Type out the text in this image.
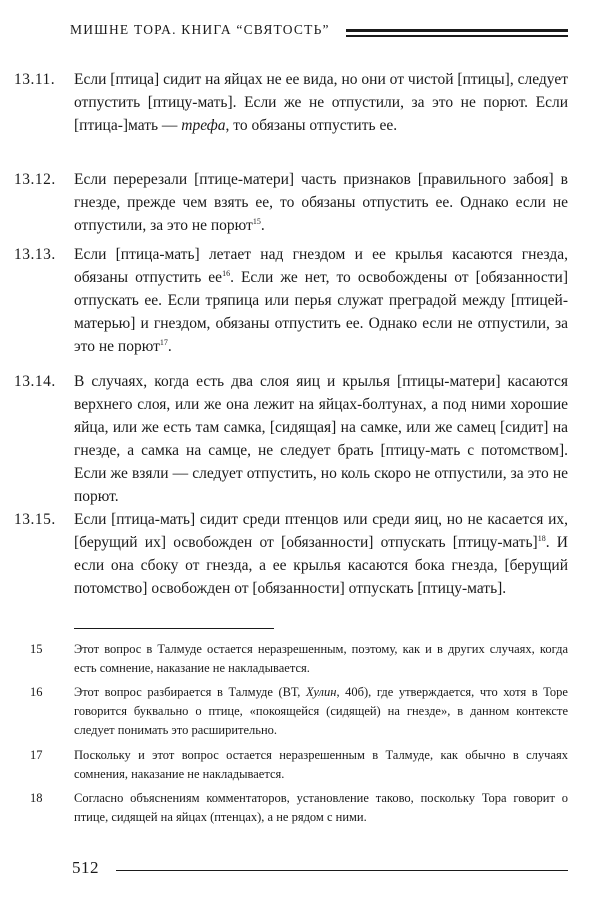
МИШНЕ ТОРА. КНИГА “СВЯТОСТЬ”
13.11. Если [птица] сидит на яйцах не ее вида, но они от чистой [птицы], следует отпустить [птицу-мать]. Если же не отпустили, за это не порют. Если [птица-]мать — трефа, то обязаны отпустить ее.
13.12. Если перерезали [птице-матери] часть признаков [правильного забоя] в гнезде, прежде чем взять ее, то обязаны отпустить ее. Однако если не отпустили, за это не порют$^{15}$.
13.13. Если [птица-мать] летает над гнездом и ее крылья касаются гнезда, обязаны отпустить $ее^{16}$. Если же нет, то освобождены от [обязанности] отпускать ее. Если тряпица или перья служат преградой между [птицей-матерью] и гнездом, обязаны отпустить ее. Однако если не отпустили, за это не порют$^{17}$.
13.14. В случаях, когда есть два слоя яиц и крылья [птицы-матери] касаются верхнего слоя, или же она лежит на яйцах-болтунах, а под ними хорошие яйца, или же есть там самка, [сидящая] на самке, или же самец [сидит] на гнезде, а самка на самце, не следует брать [птицу-мать с потомством]. Если же взяли — следует отпустить, но коль скоро не отпустили, за это не порют.
13.15. Если [птица-мать] сидит среди птенцов или среди яиц, но не касается их, [берущий их] освобожден от [обязанности] отпускать [птицу-мать]$^{18}$. И если она сбоку от гнезда, а ее крылья касаются бока гнезда, [берущий потомство] освобожден от [обязанности] отпускать [птицу-мать].
15	Этот вопрос в Талмуде остается неразрешенным, поэтому, как и в других случаях, когда есть сомнение, наказание не накладывается.
16	Этот вопрос разбирается в Талмуде (ВТ, Хулин, 40б), где утверждается, что хотя в Торе говорится буквально о птице, «покоящейся (сидящей) на гнезде», в данном контексте следует понимать это расширительно.
17	Поскольку и этот вопрос остается неразрешенным в Талмуде, как обычно в случаях сомнения, наказание не накладывается.
18	Согласно объяснениям комментаторов, установление таково, поскольку Тора говорит о птице, сидящей на яйцах (птенцах), а не рядом с ними.
512
